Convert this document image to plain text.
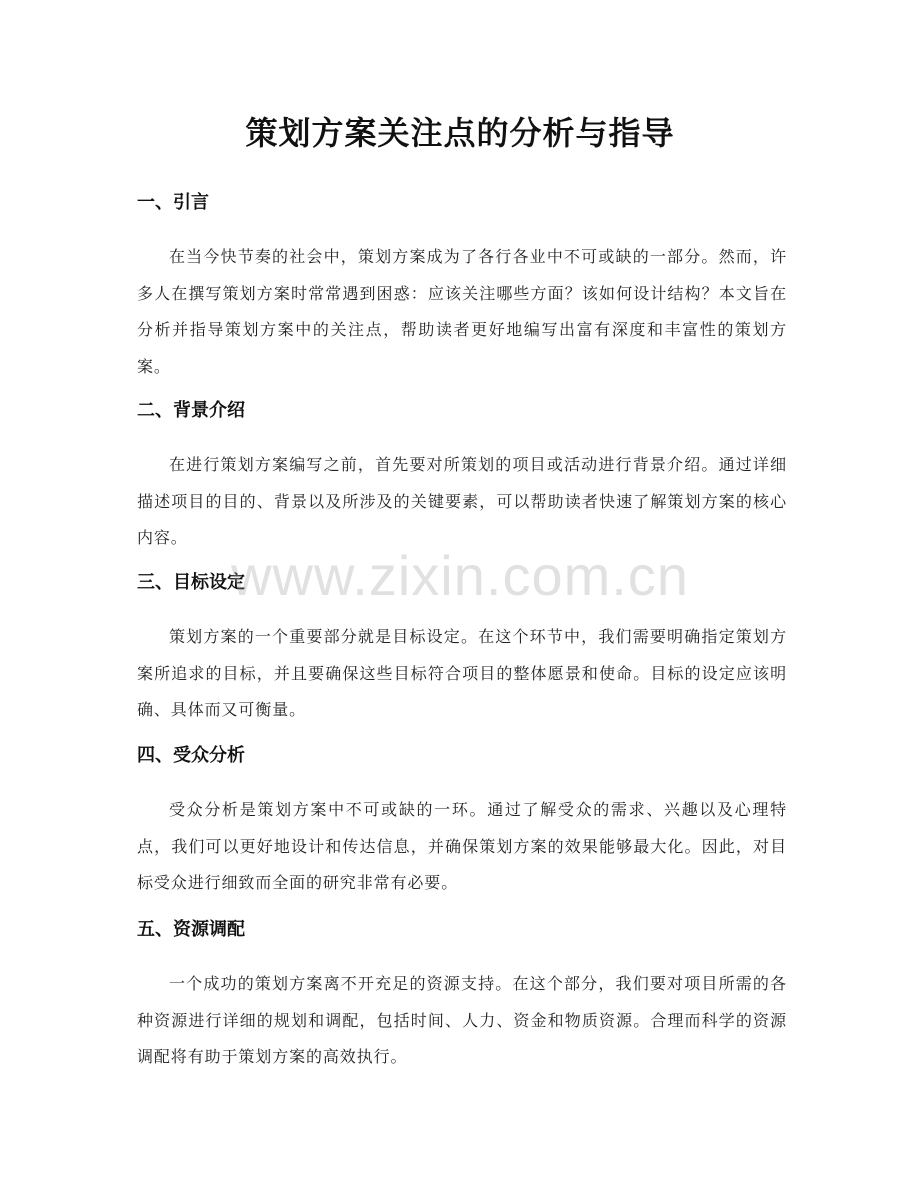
策划方案关注点的分析与指导
一、引言

在当今快节奏的社会中，策划方案成为了各行各业中不可或缺的一部分。然而，许多人在撰写策划方案时常常遇到困惑：应该关注哪些方面？该如何设计结构？本文旨在分析并指导策划方案中的关注点，帮助读者更好地编写出富有深度和丰富性的策划方案。

二、背景介绍

在进行策划方案编写之前，首先要对所策划的项目或活动进行背景介绍。通过详细描述项目的目的、背景以及所涉及的关键要素，可以帮助读者快速了解策划方案的核心内容。

三、目标设定

策划方案的一个重要部分就是目标设定。在这个环节中，我们需要明确指定策划方案所追求的目标，并且要确保这些目标符合项目的整体愿景和使命。目标的设定应该明确、具体而又可衡量。

四、受众分析

受众分析是策划方案中不可或缺的一环。通过了解受众的需求、兴趣以及心理特点，我们可以更好地设计和传达信息，并确保策划方案的效果能够最大化。因此，对目标受众进行细致而全面的研究非常有必要。

五、资源调配

一个成功的策划方案离不开充足的资源支持。在这个部分，我们要对项目所需的各种资源进行详细的规划和调配，包括时间、人力、资金和物质资源。合理而科学的资源调配将有助于策划方案的高效执行。

www.zixin.com.cn
